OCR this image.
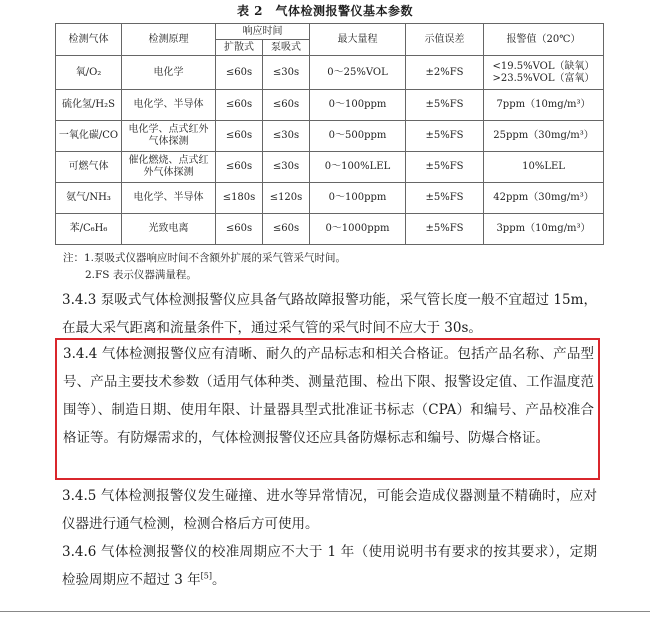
表 2　气体检测报警仪基本参数
检测气体	检测原理	响应时间		最大量程	示值误差	报警值（20℃）
		扩散式	泵吸式			
氧/O₂	电化学	≤60s	≤30s	0～25%VOL	±2%FS	<19.5%VOL（缺氧）
>23.5%VOL（富氧）
硫化氢/H₂S	电化学、半导体	≤60s	≤60s	0～100ppm	±5%FS	7ppm（10mg/m³）
一氧化碳/CO	电化学、点式红外气体探测	≤60s	≤30s	0～500ppm	±5%FS	25ppm（30mg/m³）
可燃气体	催化燃烧、点式红外气体探测	≤60s	≤30s	0～100%LEL	±5%FS	10%LEL
氨气/NH₃	电化学、半导体	≤180s	≤120s	0～100ppm	±5%FS	42ppm（30mg/m³）
苯/C₆H₆	光致电离	≤60s	≤60s	0～1000ppm	±5%FS	3ppm（10mg/m³）
注：1.泵吸式仪器响应时间不含额外扩展的采气管采气时间。
2.FS 表示仪器满量程。
3.4.3 泵吸式气体检测报警仪应具备气路故障报警功能，采气管长度一般不宜超过 15m，在最大采气距离和流量条件下，通过采气管的采气时间不应大于 30s。
3.4.4 气体检测报警仪应有清晰、耐久的产品标志和相关合格证。包括产品名称、产品型号、产品主要技术参数（适用气体种类、测量范围、检出下限、报警设定值、工作温度范围等）、制造日期、使用年限、计量器具型式批准证书标志（CPA）和编号、产品校准合格证等。有防爆需求的，气体检测报警仪还应具备防爆标志和编号、防爆合格证。
3.4.5 气体检测报警仪发生碰撞、进水等异常情况，可能会造成仪器测量不精确时，应对仪器进行通气检测，检测合格后方可使用。
3.4.6 气体检测报警仪的校准周期应不大于 1 年（使用说明书有要求的按其要求），定期检验周期应不超过 3 年[5]。
